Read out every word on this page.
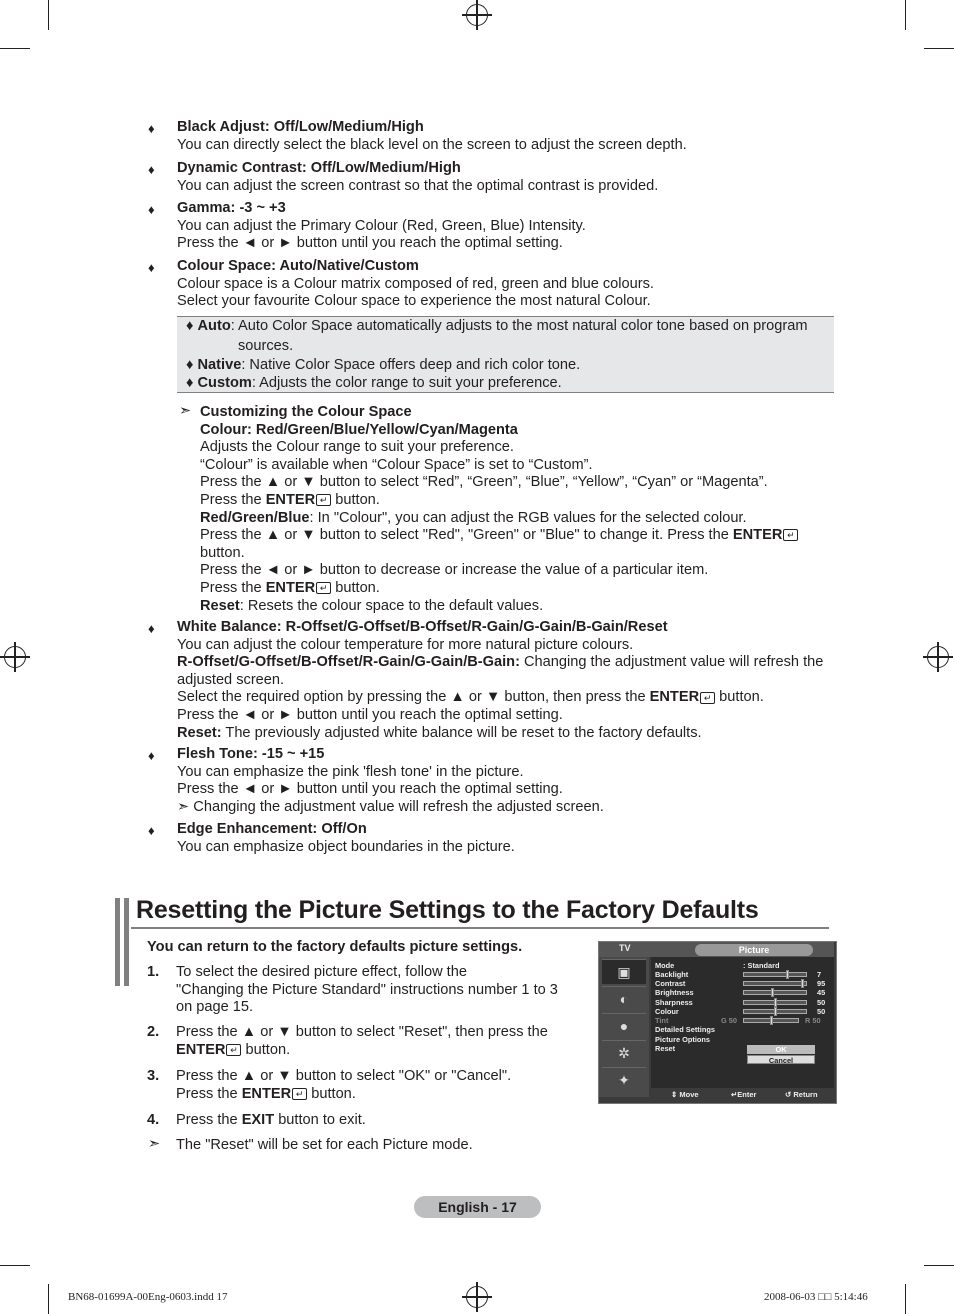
♦ Black Adjust: Off/Low/Medium/High
You can directly select the black level on the screen to adjust the screen depth.
♦ Dynamic Contrast: Off/Low/Medium/High
You can adjust the screen contrast so that the optimal contrast is provided.
♦ Gamma: -3 ~ +3
You can adjust the Primary Colour (Red, Green, Blue) Intensity.
Press the ◄ or ► button until you reach the optimal setting.
♦ Colour Space: Auto/Native/Custom
Colour space is a Colour matrix composed of red, green and blue colours.
Select your favourite Colour space to experience the most natural Colour.
♦ Auto: Auto Color Space automatically adjusts to the most natural color tone based on program
sources.
♦ Native: Native Color Space offers deep and rich color tone.
♦ Custom: Adjusts the color range to suit your preference.
➣ Customizing the Colour Space
Colour: Red/Green/Blue/Yellow/Cyan/Magenta
Adjusts the Colour range to suit your preference.
“Colour” is available when “Colour Space” is set to “Custom”.
Press the ▲ or ▼ button to select “Red”, “Green”, “Blue”, “Yellow”, “Cyan” or “Magenta”.
Press the ENTER ↵ button.
Red/Green/Blue: In "Colour", you can adjust the RGB values for the selected colour.
Press the ▲ or ▼ button to select "Red", "Green" or "Blue" to change it. Press the ENTER ↵
button.
Press the ◄ or ► button to decrease or increase the value of a particular item.
Press the ENTER ↵ button.
Reset: Resets the colour space to the default values.
♦ White Balance: R-Offset/G-Offset/B-Offset/R-Gain/G-Gain/B-Gain/Reset
You can adjust the colour temperature for more natural picture colours.
R-Offset/G-Offset/B-Offset/R-Gain/G-Gain/B-Gain: Changing the adjustment value will refresh the
adjusted screen.
Select the required option by pressing the ▲ or ▼ button, then press the ENTER ↵ button.
Press the ◄ or ► button until you reach the optimal setting.
Reset: The previously adjusted white balance will be reset to the factory defaults.
♦ Flesh Tone: -15 ~ +15
You can emphasize the pink 'flesh tone' in the picture.
Press the ◄ or ► button until you reach the optimal setting.
➣ Changing the adjustment value will refresh the adjusted screen.
♦ Edge Enhancement: Off/On
You can emphasize object boundaries in the picture.
Resetting the Picture Settings to the Factory Defaults
You can return to the factory defaults picture settings.
1. To select the desired picture effect, follow the
"Changing the Picture Standard" instructions number 1 to 3
on page 15.
2. Press the ▲ or ▼ button to select "Reset", then press the
ENTER ↵ button.
3. Press the ▲ or ▼ button to select "OK" or "Cancel".
Press the ENTER ↵ button.
4. Press the EXIT button to exit.
➣ The "Reset" will be set for each Picture mode.
TV	Picture
▣
◐
●
✲
✦
Mode	: Standard
Backlight	7
Contrast	95
Brightness	45
Sharpness	50
Colour	50
Tint	G 50	R 50
Detailed Settings
Picture Options
Reset	OK
Cancel
⇕ Move	↵Enter	↺ Return
English - 17
BN68-01699A-00Eng-0603.indd 17	2008-06-03 □□ 5:14:46
